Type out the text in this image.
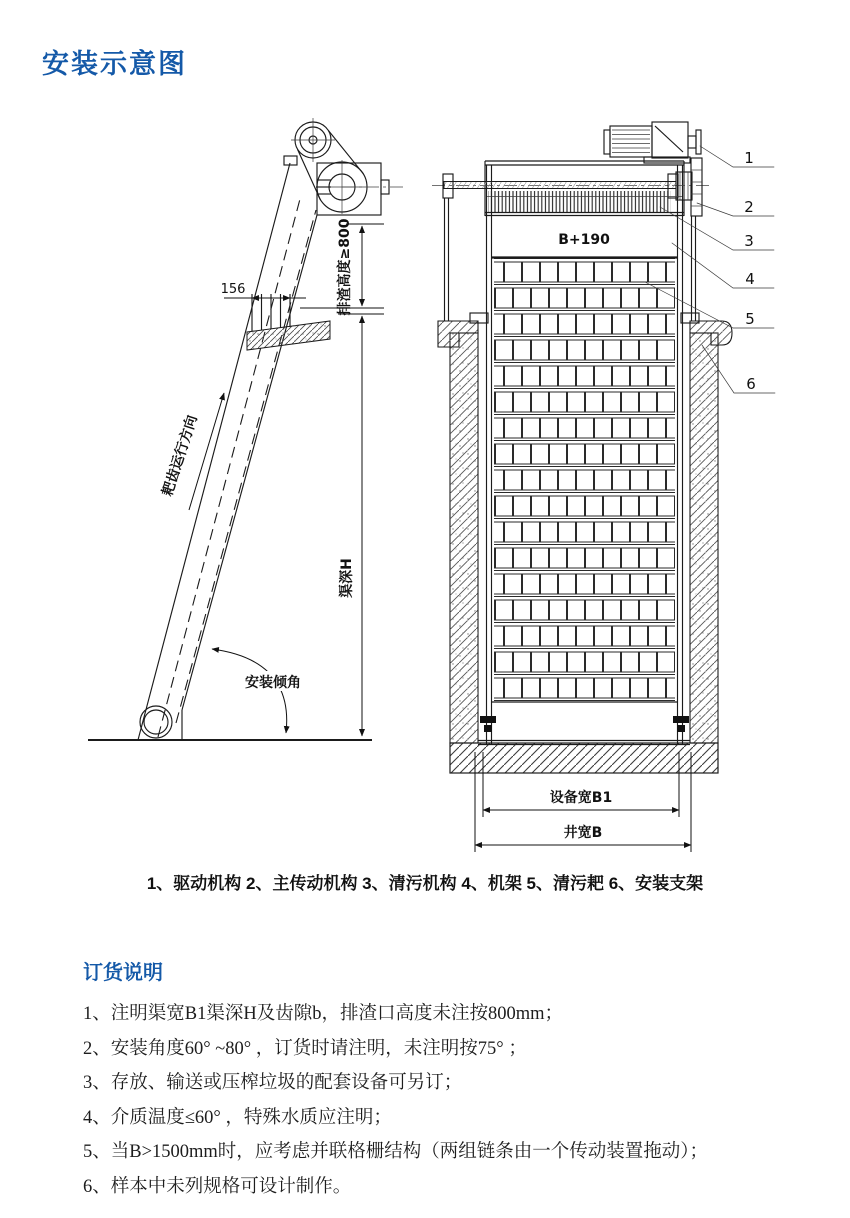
安装示意图
156	排渣高度≥800
渠深H
耙齿运行方向
安装倾角
B+190
设备宽B1
井宽B
1
2
3
4
5
6
1、驱动机构 2、主传动机构 3、清污机构 4、机架 5、清污耙 6、安装支架
订货说明

1、注明渠宽B1渠深H及齿隙b，排渣口高度未注按800mm；

2、安装角度60° ~80° ，订货时请注明，未注明按75° ；

3、存放、输送或压榨垃圾的配套设备可另订；

4、介质温度≤60° ，特殊水质应注明；

5、当B>1500mm时，应考虑并联格栅结构（两组链条由一个传动装置拖动）；

6、样本中未列规格可设计制作。
